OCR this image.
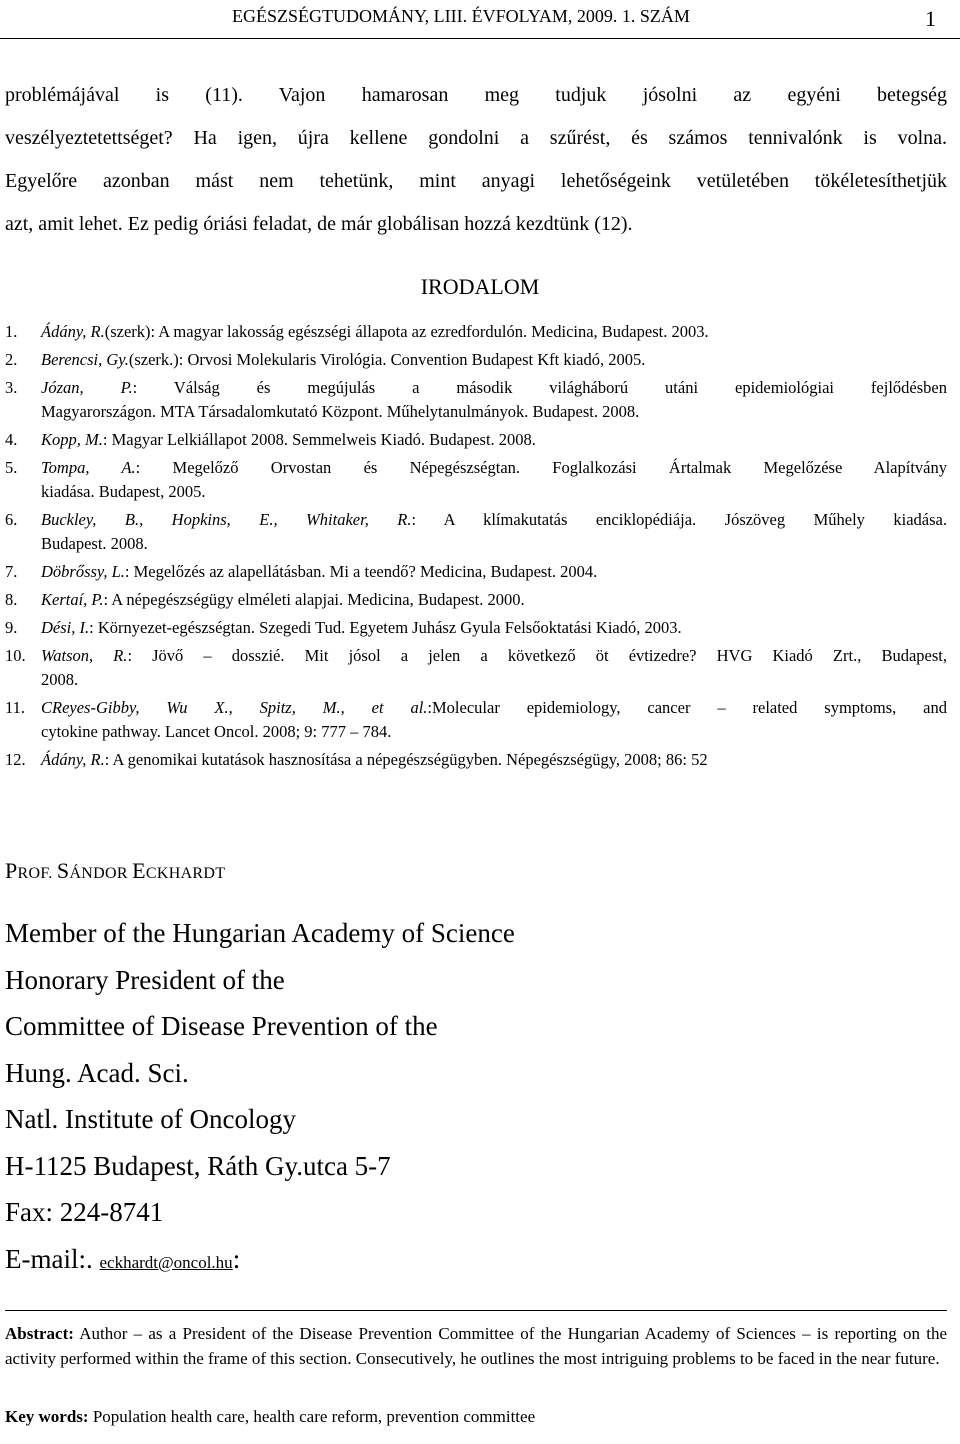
EGÉSZSÉGTUDOMÁNY, LIII. ÉVFOLYAM, 2009. 1. SZÁM	1
problémájával is (11). Vajon hamarosan meg tudjuk jósolni az egyéni betegség
veszélyeztetettséget? Ha igen, újra kellene gondolni a szűrést, és számos tennivalónk is volna.
Egyelőre azonban mást nem tehetünk, mint anyagi lehetőségeink vetületében tökéletesíthetjük
azt, amit lehet. Ez pedig óriási feladat, de már globálisan hozzá kezdtünk (12).
IRODALOM
1. Ádány, R.(szerk): A magyar lakosság egészségi állapota az ezredfordulón. Medicina, Budapest. 2003.
2. Berencsi, Gy.(szerk.): Orvosi Molekularis Virológia. Convention Budapest Kft kiadó, 2005.
3. Józan, P.: Válság és megújulás a második világháború utáni epidemiológiai fejlődésben
Magyarországon. MTA Társadalomkutató Központ. Műhelytanulmányok. Budapest. 2008.
4. Kopp, M.: Magyar Lelkiállapot 2008. Semmelweis Kiadó. Budapest. 2008.
5. Tompa, A.: Megelőző Orvostan és Népegészségtan. Foglalkozási Ártalmak Megelőzése Alapítvány
kiadása. Budapest, 2005.
6. Buckley, B., Hopkins, E., Whitaker, R.: A klímakutatás enciklopédiája. Jószöveg Műhely kiadása.
Budapest. 2008.
7. Döbrőssy, L.: Megelőzés az alapellátásban. Mi a teendő? Medicina, Budapest. 2004.
8. Kertaí, P.: A népegészségügy elméleti alapjai. Medicina, Budapest. 2000.
9. Dési, I.: Környezet-egészségtan. Szegedi Tud. Egyetem Juhász Gyula Felsőoktatási Kiadó, 2003.
10. Watson, R.: Jövő – dosszié. Mit jósol a jelen a következő öt évtizedre? HVG Kiadó Zrt., Budapest,
2008.
11. CReyes-Gibby, Wu X., Spitz, M., et al.:Molecular epidemiology, cancer – related symptoms, and
cytokine pathway. Lancet Oncol. 2008; 9: 777 – 784.
12. Ádány, R.: A genomikai kutatások hasznosítása a népegészségügyben. Népegészségügy, 2008; 86: 52
PROF. SÁNDOR ECKHARDT
Member of the Hungarian Academy of Science
Honorary President of the
Committee of Disease Prevention of the
Hung. Acad. Sci.
Natl. Institute of Oncology
H-1125 Budapest, Ráth Gy.utca 5-7
Fax: 224-8741
E-mail:. eckhardt@oncol.hu:
Abstract: Author – as a President of the Disease Prevention Committee of the Hungarian Academy of Sciences – is reporting on the activity performed within the frame of this section. Consecutively, he outlines the most intriguing problems to be faced in the near future.
Key words: Population health care, health care reform, prevention committee
